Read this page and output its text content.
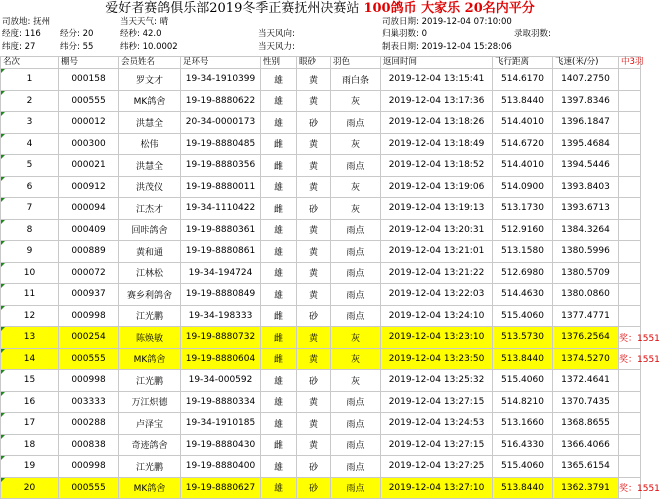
爱好者赛鸽俱乐部2019冬季正赛抚州决赛站 100鸽币 大家乐 20名内平分
司放地: 抚州	当天天气: 晴	司放日期: 2019-12-04 07:10:00
经度: 116 经分: 20	经秒: 42.0	当天风向:	归巢羽数: 0	录取羽数:
纬度: 27	纬分: 55	纬秒: 10.0002	当天风力:	制表日期: 2019-12-04 15:28:06
名次	棚号	会员姓名	足环号	性别	眼砂	羽色	返回时间	飞行距离	飞速(米/分)	中3羽
1	000158	罗文才	19-34-1910399	雄	黄	雨白条	2019-12-04 13:15:41	514.6170	1407.2750	
2	000555	MK鸽舍	19-19-8880622	雄	黄	灰	2019-12-04 13:17:36	513.8440	1397.8346	
3	000012	洪慧全	20-34-0000173	雄	砂	雨点	2019-12-04 13:18:26	514.4010	1396.1847	
4	000300	松伟	19-19-8880485	雌	黄	灰	2019-12-04 13:18:49	514.6720	1395.4684	
5	000021	洪慧全	19-19-8880356	雌	黄	雨点	2019-12-04 13:18:52	514.4010	1394.5446	
6	000912	洪茂仪	19-19-8880011	雄	黄	灰	2019-12-04 13:19:06	514.0900	1393.8403	
7	000094	江杰才	19-34-1110422	雌	砂	灰	2019-12-04 13:19:13	513.1730	1393.6713	
8	000409	回咔鸽舍	19-19-8880361	雄	黄	雨点	2019-12-04 13:20:31	512.9160	1384.3264	
9	000889	黄和通	19-19-8880861	雄	黄	雨点	2019-12-04 13:21:01	513.1580	1380.5996	
10	000072	江林松	19-34-194724	雄	黄	雨点	2019-12-04 13:21:22	512.6980	1380.5709	
11	000937	赛乡利鸽舍	19-19-8880849	雄	黄	雨点	2019-12-04 13:22:03	514.4630	1380.0860	
12	000998	江光鹏	19-34-198333	雌	砂	雨点	2019-12-04 13:24:10	515.4060	1377.4771	
13	000254	陈焕敏	19-19-8880732	雌	黄	灰	2019-12-04 13:23:10	513.5730	1376.2564	奖：1551
14	000555	MK鸽舍	19-19-8880604	雌	黄	灰	2019-12-04 13:23:50	513.8440	1374.5270	奖：1551
15	000998	江光鹏	19-34-000592	雄	砂	灰	2019-12-04 13:25:32	515.4060	1372.4641	
16	003333	万江炽德	19-19-8880334	雄	黄	雨点	2019-12-04 13:27:15	514.8210	1370.7435	
17	000288	卢泽宝	19-34-1910185	雄	黄	雨点	2019-12-04 13:24:53	513.1660	1368.8655	
18	000838	奇迹鸽舍	19-19-8880430	雌	黄	雨点	2019-12-04 13:27:15	516.4330	1366.4066	
19	000998	江光鹏	19-19-8880400	雄	砂	雨点	2019-12-04 13:27:25	515.4060	1365.6154	
20	000555	MK鸽舍	19-19-8880627	雄	砂	雨点	2019-12-04 13:27:10	513.8440	1362.3791	奖：1551
